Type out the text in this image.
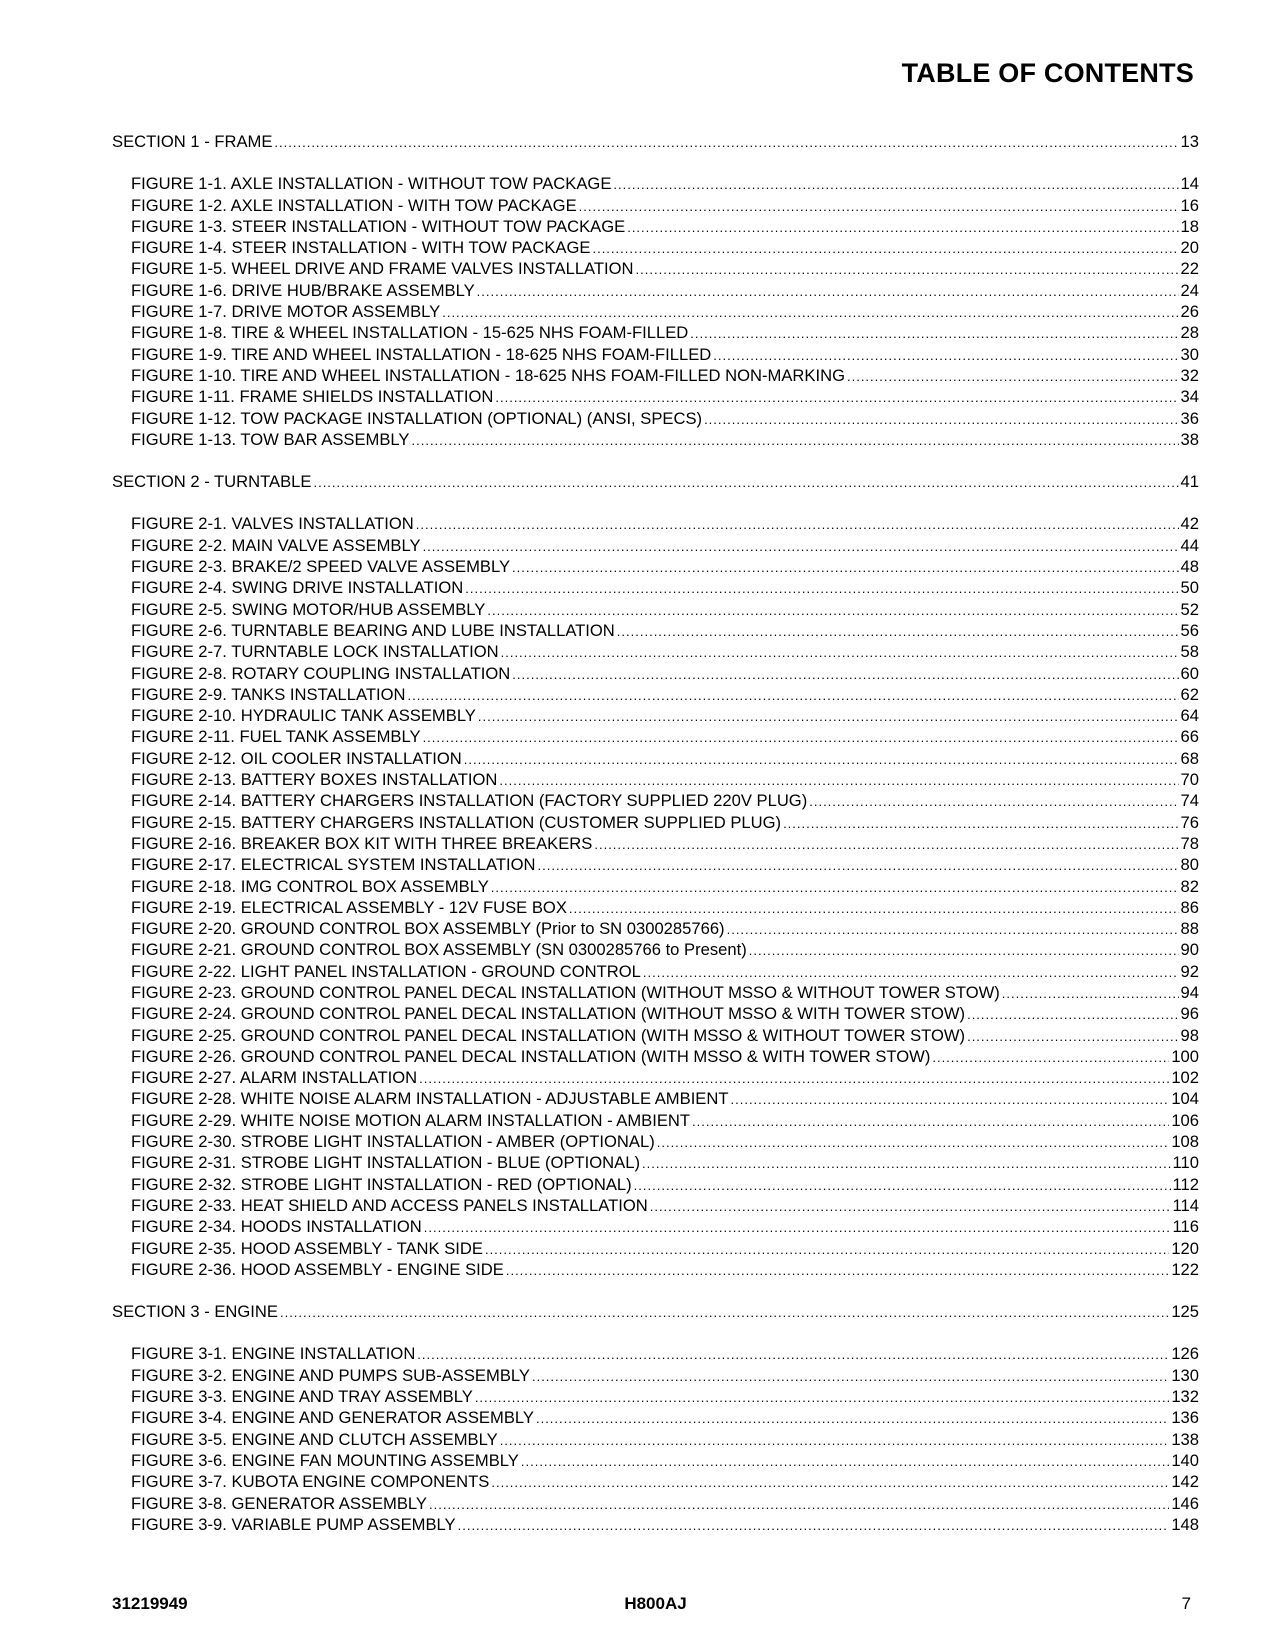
TABLE OF CONTENTS
SECTION 1 - FRAME .....	13
FIGURE 1-1. AXLE INSTALLATION - WITHOUT TOW PACKAGE .....	14
FIGURE 1-2. AXLE INSTALLATION - WITH TOW PACKAGE .....	16
FIGURE 1-3. STEER INSTALLATION - WITHOUT TOW PACKAGE .....	18
FIGURE 1-4. STEER INSTALLATION - WITH TOW PACKAGE .....	20
FIGURE 1-5. WHEEL DRIVE AND FRAME VALVES INSTALLATION .....	22
FIGURE 1-6. DRIVE HUB/BRAKE ASSEMBLY .....	24
FIGURE 1-7. DRIVE MOTOR ASSEMBLY .....	26
FIGURE 1-8. TIRE & WHEEL INSTALLATION - 15-625 NHS FOAM-FILLED .....	28
FIGURE 1-9. TIRE AND WHEEL INSTALLATION - 18-625 NHS FOAM-FILLED .....	30
FIGURE 1-10. TIRE AND WHEEL INSTALLATION - 18-625 NHS FOAM-FILLED NON-MARKING .....	32
FIGURE 1-11. FRAME SHIELDS INSTALLATION .....	34
FIGURE 1-12. TOW PACKAGE INSTALLATION (OPTIONAL) (ANSI, SPECS) .....	36
FIGURE 1-13. TOW BAR ASSEMBLY .....	38
SECTION 2 - TURNTABLE .....	41
FIGURE 2-1. VALVES INSTALLATION .....	42
FIGURE 2-2. MAIN VALVE ASSEMBLY .....	44
FIGURE 2-3. BRAKE/2 SPEED VALVE ASSEMBLY .....	48
FIGURE 2-4. SWING DRIVE INSTALLATION .....	50
FIGURE 2-5. SWING MOTOR/HUB ASSEMBLY .....	52
FIGURE 2-6. TURNTABLE BEARING AND LUBE INSTALLATION .....	56
FIGURE 2-7. TURNTABLE LOCK INSTALLATION .....	58
FIGURE 2-8. ROTARY COUPLING INSTALLATION .....	60
FIGURE 2-9. TANKS INSTALLATION .....	62
FIGURE 2-10. HYDRAULIC TANK ASSEMBLY .....	64
FIGURE 2-11. FUEL TANK ASSEMBLY .....	66
FIGURE 2-12. OIL COOLER INSTALLATION .....	68
FIGURE 2-13. BATTERY BOXES INSTALLATION .....	70
FIGURE 2-14. BATTERY CHARGERS INSTALLATION (FACTORY SUPPLIED 220V PLUG) .....	74
FIGURE 2-15. BATTERY CHARGERS INSTALLATION (CUSTOMER SUPPLIED PLUG) .....	76
FIGURE 2-16. BREAKER BOX KIT WITH THREE BREAKERS .....	78
FIGURE 2-17. ELECTRICAL SYSTEM INSTALLATION .....	80
FIGURE 2-18. IMG CONTROL BOX ASSEMBLY .....	82
FIGURE 2-19. ELECTRICAL ASSEMBLY - 12V FUSE BOX .....	86
FIGURE 2-20. GROUND CONTROL BOX ASSEMBLY (Prior to SN 0300285766) .....	88
FIGURE 2-21. GROUND CONTROL BOX ASSEMBLY (SN 0300285766 to Present) .....	90
FIGURE 2-22. LIGHT PANEL INSTALLATION - GROUND CONTROL .....	92
FIGURE 2-23. GROUND CONTROL PANEL DECAL INSTALLATION (WITHOUT MSSO & WITHOUT TOWER STOW) .....	94
FIGURE 2-24. GROUND CONTROL PANEL DECAL INSTALLATION (WITHOUT MSSO & WITH TOWER STOW) .....	96
FIGURE 2-25. GROUND CONTROL PANEL DECAL INSTALLATION (WITH MSSO & WITHOUT TOWER STOW) .....	98
FIGURE 2-26. GROUND CONTROL PANEL DECAL INSTALLATION (WITH MSSO & WITH TOWER STOW) .....	100
FIGURE 2-27. ALARM INSTALLATION .....	102
FIGURE 2-28. WHITE NOISE ALARM INSTALLATION - ADJUSTABLE AMBIENT .....	104
FIGURE 2-29. WHITE NOISE MOTION ALARM INSTALLATION - AMBIENT .....	106
FIGURE 2-30. STROBE LIGHT INSTALLATION - AMBER (OPTIONAL) .....	108
FIGURE 2-31. STROBE LIGHT INSTALLATION - BLUE (OPTIONAL) .....	110
FIGURE 2-32. STROBE LIGHT INSTALLATION - RED (OPTIONAL) .....	112
FIGURE 2-33. HEAT SHIELD AND ACCESS PANELS INSTALLATION .....	114
FIGURE 2-34. HOODS INSTALLATION .....	116
FIGURE 2-35. HOOD ASSEMBLY - TANK SIDE .....	120
FIGURE 2-36. HOOD ASSEMBLY - ENGINE SIDE .....	122
SECTION 3 - ENGINE .....	125
FIGURE 3-1. ENGINE INSTALLATION .....	126
FIGURE 3-2. ENGINE AND PUMPS SUB-ASSEMBLY .....	130
FIGURE 3-3. ENGINE AND TRAY ASSEMBLY .....	132
FIGURE 3-4. ENGINE AND GENERATOR ASSEMBLY .....	136
FIGURE 3-5. ENGINE AND CLUTCH ASSEMBLY .....	138
FIGURE 3-6. ENGINE FAN MOUNTING ASSEMBLY .....	140
FIGURE 3-7. KUBOTA ENGINE COMPONENTS .....	142
FIGURE 3-8. GENERATOR ASSEMBLY .....	146
FIGURE 3-9. VARIABLE PUMP ASSEMBLY .....	148
31219949	H800AJ	7
